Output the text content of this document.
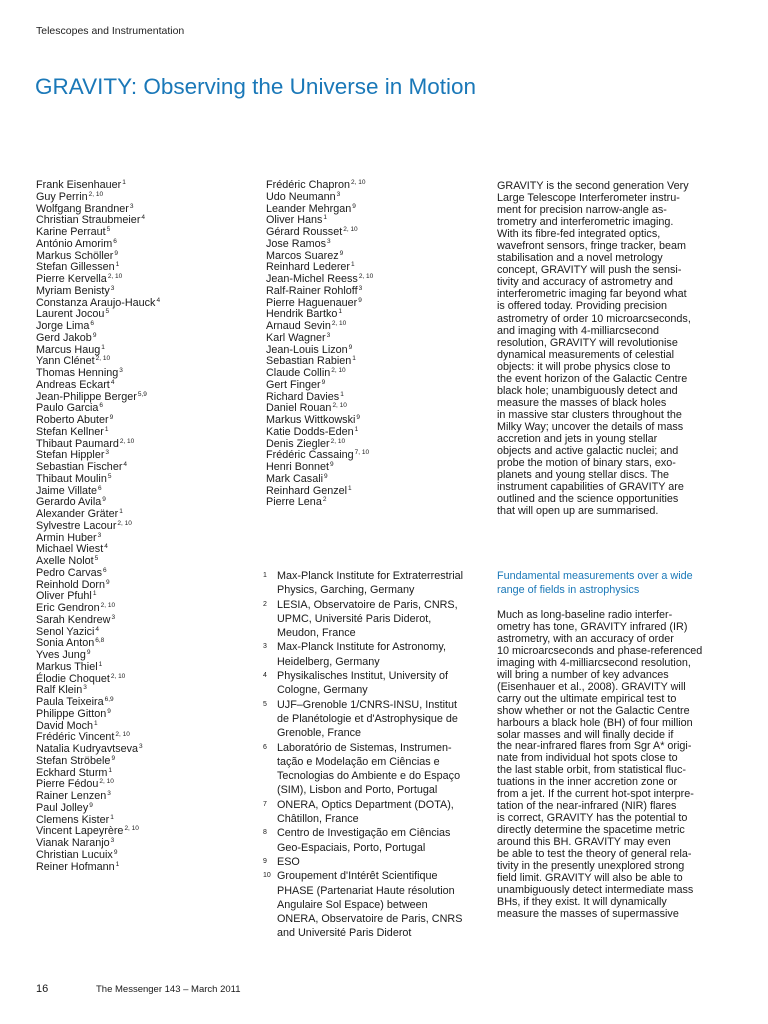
Telescopes and Instrumentation
GRAVITY: Observing the Universe in Motion
Frank Eisenhauer$^1$
Guy Perrin$^{2, 10}$
Wolfgang Brandner$^3$
Christian Straubmeier$^4$
Karine Perraut$^5$
António Amorim$^6$
Markus Schöller$^9$
Stefan Gillessen$^1$
Pierre Kervella$^{2, 10}$
Myriam Benisty$^3$
Constanza Araujo-Hauck$^4$
Laurent Jocou$^5$
Jorge Lima$^6$
Gerd Jakob$^9$
Marcus Haug$^1$
Yann Clénet$^{2, 10}$
Thomas Henning$^3$
Andreas Eckart$^4$
Jean-Philippe Berger$^{5,9}$
Paulo Garcia$^6$
Roberto Abuter$^9$
Stefan Kellner$^1$
Thibaut Paumard$^{2, 10}$
Stefan Hippler$^3$
Sebastian Fischer$^4$
Thibaut Moulin$^5$
Jaime Villate$^6$
Gerardo Avila$^9$
Alexander Gräter$^1$
Sylvestre Lacour$^{2, 10}$
Armin Huber$^3$
Michael Wiest$^4$
Axelle Nolot$^5$
Pedro Carvas$^6$
Reinhold Dorn$^9$
Oliver Pfuhl$^1$
Eric Gendron$^{2, 10}$
Sarah Kendrew$^3$
Senol Yazici$^4$
Sonia Anton$^{6,8}$
Yves Jung$^9$
Markus Thiel$^1$
Élodie Choquet$^{2, 10}$
Ralf Klein$^3$
Paula Teixeira$^{6,9}$
Philippe Gitton$^9$
David Moch$^1$
Frédéric Vincent$^{2, 10}$
Natalia Kudryavtseva$^3$
Stefan Ströbele$^9$
Eckhard Sturm$^1$
Pierre Fédou$^{2, 10}$
Rainer Lenzen$^3$
Paul Jolley$^9$
Clemens Kister$^1$
Vincent Lapeyrère$^{2, 10}$
Vianak Naranjo$^3$
Christian Lucuix$^9$
Reiner Hofmann$^1$
Frédéric Chapron$^{2, 10}$
Udo Neumann$^3$
Leander Mehrgan$^9$
Oliver Hans$^1$
Gérard Rousset$^{2, 10}$
Jose Ramos$^3$
Marcos Suarez$^9$
Reinhard Lederer$^1$
Jean-Michel Reess$^{2, 10}$
Ralf-Rainer Rohloff$^3$
Pierre Haguenauer$^9$
Hendrik Bartko$^1$
Arnaud Sevin$^{2, 10}$
Karl Wagner$^3$
Jean-Louis Lizon$^9$
Sebastian Rabien$^1$
Claude Collin$^{2, 10}$
Gert Finger$^9$
Richard Davies$^1$
Daniel Rouan$^{2, 10}$
Markus Wittkowski$^9$
Katie Dodds-Eden$^1$
Denis Ziegler$^{2, 10}$
Frédéric Cassaing$^{7, 10}$
Henri Bonnet$^9$
Mark Casali$^9$
Reinhard Genzel$^1$
Pierre Lena$^2$
1 Max-Planck Institute for Extraterrestrial
Physics, Garching, Germany
2 LESIA, Observatoire de Paris, CNRS,
UPMC, Université Paris Diderot,
Meudon, France
3 Max-Planck Institute for Astronomy,
Heidelberg, Germany
4 Physikalisches Institut, University of
Cologne, Germany
5 UJF–Grenoble 1/CNRS-INSU, Institut
de Planétologie et d'Astrophysique de
Grenoble, France
6 Laboratório de Sistemas, Instrumen-
tação e Modelação em Ciências e
Tecnologias do Ambiente e do Espaço
(SIM), Lisbon and Porto, Portugal
7 ONERA, Optics Department (DOTA),
Châtillon, France
8 Centro de Investigação em Ciências
Geo-Espaciais, Porto, Portugal
9 ESO
10 Groupement d'Intérêt Scientifique
PHASE (Partenariat Haute résolution
Angulaire Sol Espace) between
ONERA, Observatoire de Paris, CNRS
and Université Paris Diderot
GRAVITY is the second generation Very
Large Telescope Interferometer instru-
ment for precision narrow-angle as-
trometry and interferometric imaging.
With its fibre-fed integrated optics,
wavefront sensors, fringe tracker, beam
stabilisation and a novel metrology
concept, GRAVITY will push the sensi-
tivity and accuracy of astrometry and
interferometric imaging far beyond what
is offered today. Providing precision
astrometry of order 10 microarcseconds,
and imaging with 4-milliarcsecond
resolution, GRAVITY will revolutionise
dynamical measurements of celestial
objects: it will probe physics close to
the event horizon of the Galactic Centre
black hole; unambiguously detect and
measure the masses of black holes
in massive star clusters throughout the
Milky Way; uncover the details of mass
accretion and jets in young stellar
objects and active galactic nuclei; and
probe the motion of binary stars, exo-
planets and young stellar discs. The
instrument capabilities of GRAVITY are
outlined and the science opportunities
that will open up are summarised.
Fundamental measurements over a wide range of fields in astrophysics
Much as long-baseline radio interfer-
ometry has tone, GRAVITY infrared (IR)
astrometry, with an accuracy of order
10 microarcseconds and phase-referenced
imaging with 4-milliarcsecond resolution,
will bring a number of key advances
(Eisenhauer et al., 2008). GRAVITY will
carry out the ultimate empirical test to
show whether or not the Galactic Centre
harbours a black hole (BH) of four million
solar masses and will finally decide if
the near-infrared flares from Sgr A* origi-
nate from individual hot spots close to
the last stable orbit, from statistical fluc-
tuations in the inner accretion zone or
from a jet. If the current hot-spot interpre-
tation of the near-infrared (NIR) flares
is correct, GRAVITY has the potential to
directly determine the spacetime metric
around this BH. GRAVITY may even
be able to test the theory of general rela-
tivity in the presently unexplored strong
field limit. GRAVITY will also be able to
unambiguously detect intermediate mass
BHs, if they exist. It will dynamically
measure the masses of supermassive
16	The Messenger 143 – March 2011
